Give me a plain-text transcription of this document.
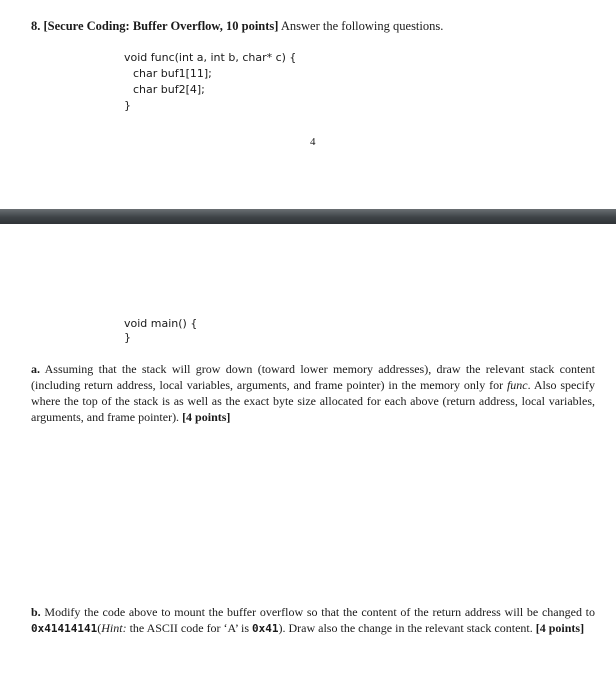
8. [Secure Coding: Buffer Overflow, 10 points] Answer the following questions.
void func(int a, int b, char* c) {
char buf1[11];
char buf2[4];
}
4
void main() {
}
a. Assuming that the stack will grow down (toward lower memory addresses), draw the relevant stack content (including return address, local variables, arguments, and frame pointer) in the memory only for func. Also specify where the top of the stack is as well as the exact byte size allocated for each above (return address, local variables, arguments, and frame pointer). [4 points]
b. Modify the code above to mount the buffer overflow so that the content of the return address will be changed to 0x41414141(Hint: the ASCII code for ‘A’ is 0x41). Draw also the change in the relevant stack content. [4 points]
